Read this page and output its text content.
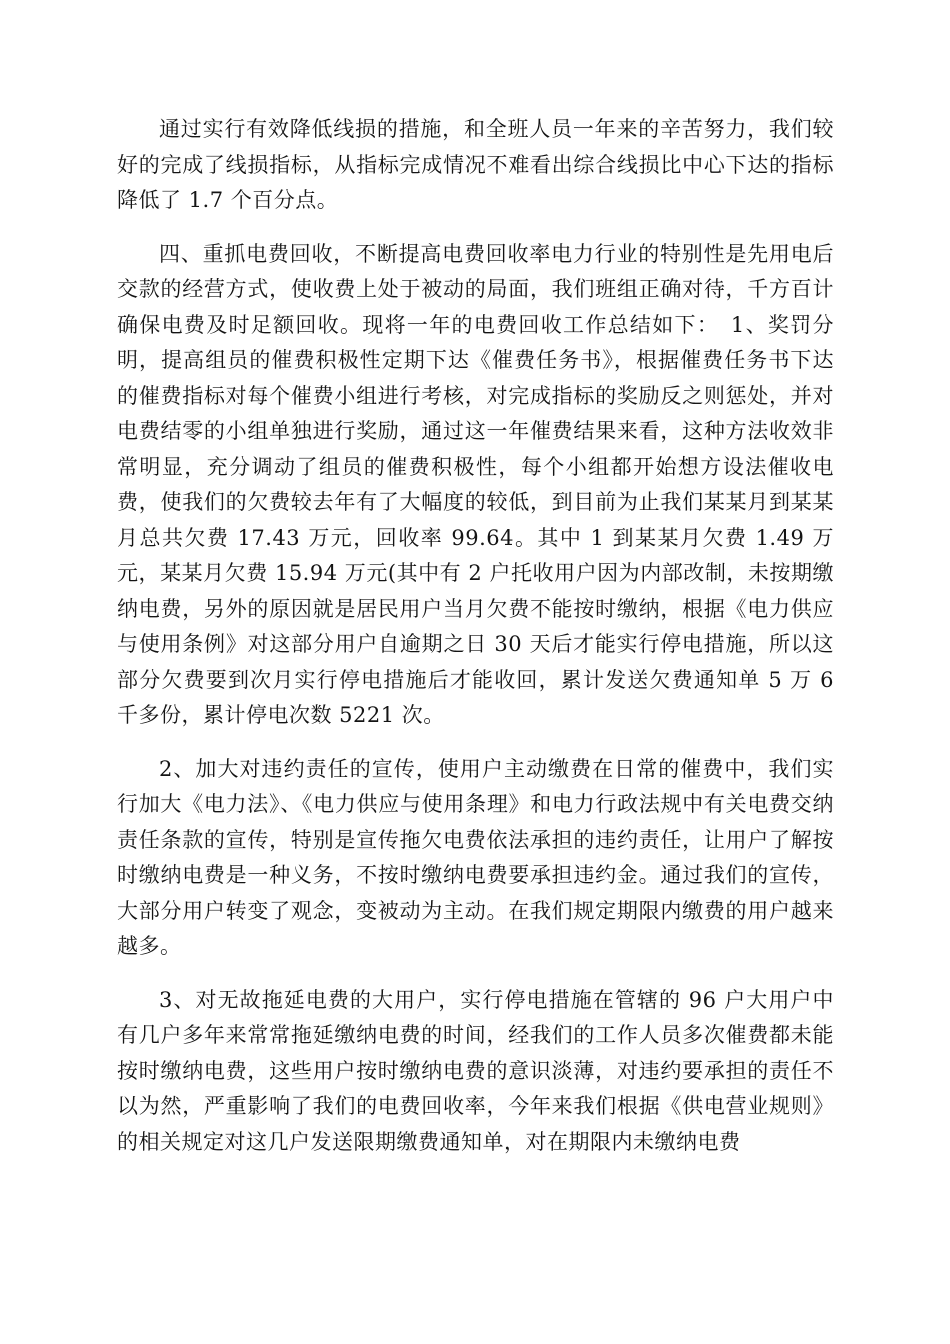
通过实行有效降低线损的措施，和全班人员一年来的辛苦努力，我们较好的完成了线损指标，从指标完成情况不难看出综合线损比中心下达的指标降低了 1.7 个百分点。

四、重抓电费回收，不断提高电费回收率电力行业的特别性是先用电后交款的经营方式，使收费上处于被动的局面，我们班组正确对待，千方百计确保电费及时足额回收。现将一年的电费回收工作总结如下：　1、奖罚分明，提高组员的催费积极性定期下达《催费任务书》，根据催费任务书下达的催费指标对每个催费小组进行考核，对完成指标的奖励反之则惩处，并对电费结零的小组单独进行奖励，通过这一年催费结果来看，这种方法收效非常明显，充分调动了组员的催费积极性，每个小组都开始想方设法催收电费，使我们的欠费较去年有了大幅度的较低，到目前为止我们某某月到某某月总共欠费 17.43 万元，回收率 99.64。其中 1 到某某月欠费 1.49 万元，某某月欠费 15.94 万元(其中有 2 户托收用户因为内部改制，未按期缴纳电费，另外的原因就是居民用户当月欠费不能按时缴纳，根据《电力供应与使用条例》对这部分用户自逾期之日 30 天后才能实行停电措施，所以这部分欠费要到次月实行停电措施后才能收回，累计发送欠费通知单 5 万 6 千多份，累计停电次数 5221 次。

2、加大对违约责任的宣传，使用户主动缴费在日常的催费中，我们实行加大《电力法》、《电力供应与使用条理》和电力行政法规中有关电费交纳责任条款的宣传，特别是宣传拖欠电费依法承担的违约责任，让用户了解按时缴纳电费是一种义务，不按时缴纳电费要承担违约金。通过我们的宣传，大部分用户转变了观念，变被动为主动。在我们规定期限内缴费的用户越来越多。

3、对无故拖延电费的大用户，实行停电措施在管辖的 96 户大用户中有几户多年来常常拖延缴纳电费的时间，经我们的工作人员多次催费都未能按时缴纳电费，这些用户按时缴纳电费的意识淡薄，对违约要承担的责任不以为然，严重影响了我们的电费回收率，今年来我们根据《供电营业规则》的相关规定对这几户发送限期缴费通知单，对在期限内未缴纳电费
